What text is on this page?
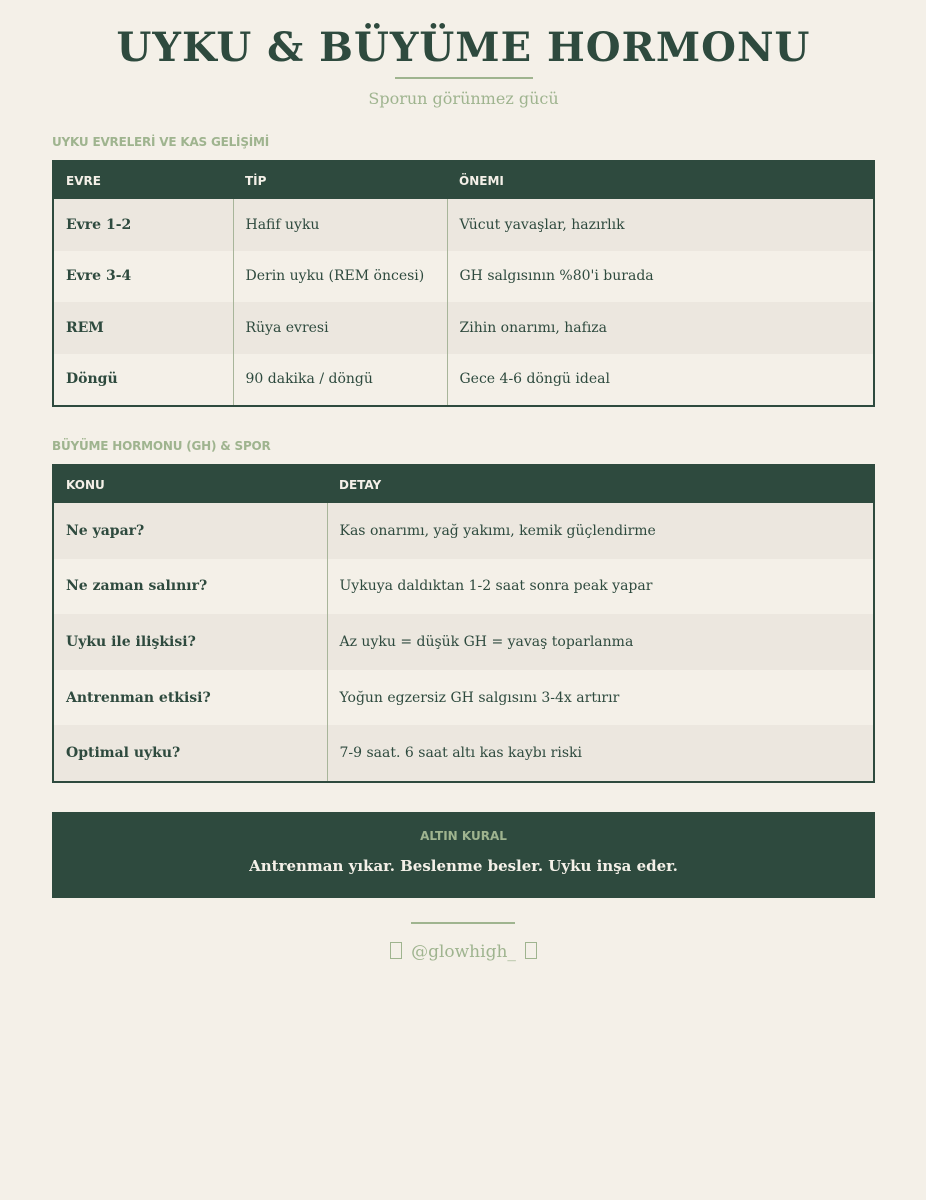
UYKU & BÜYÜME HORMONU
Sporun görünmez gücü
UYKU EVRELERİ VE KAS GELİŞİMİ
EVRE	TİP	ÖNEMI
Evre 1-2	Hafif uyku	Vücut yavaşlar, hazırlık
Evre 3-4	Derin uyku (REM öncesi)	GH salgısının %80'i burada
REM	Rüya evresi	Zihin onarımı, hafıza
Döngü	90 dakika / döngü	Gece 4-6 döngü ideal
BÜYÜME HORMONU (GH) & SPOR
KONU	DETAY
Ne yapar?	Kas onarımı, yağ yakımı, kemik güçlendirme
Ne zaman salınır?	Uykuya daldıktan 1-2 saat sonra peak yapar
Uyku ile ilişkisi?	Az uyku = düşük GH = yavaş toparlanma
Antrenman etkisi?	Yoğun egzersiz GH salgısını 3-4x artırır
Optimal uyku?	7-9 saat. 6 saat altı kas kaybı riski
ALTIN KURAL
Antrenman yıkar. Beslenme besler. Uyku inşa eder.
@glowhigh_
